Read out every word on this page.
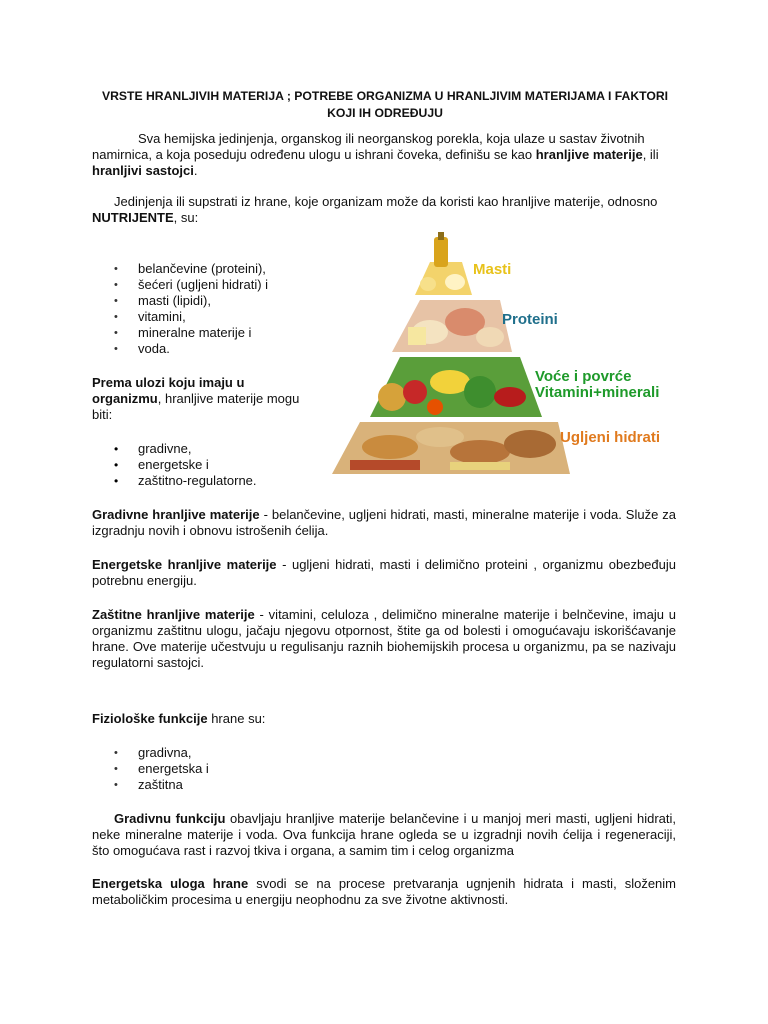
VRSTE HRANLJIVIH MATERIJA ; POTREBE ORGANIZMA U HRANLJIVIM MATERIJAMA I FAKTORI KOJI IH ODREĐUJU
Sva hemijska jedinjenja, organskog ili neorganskog porekla, koja ulaze u sastav životnih namirnica, a koja poseduju određenu ulogu u ishrani čoveka, definišu se kao hranljive materije, ili hranljivi sastojci.
Jedinjenja ili supstrati iz hrane, koje organizam može da koristi kao hranljive materije, odnosno NUTRIJENTE, su:
• belančevine (proteini),
• šećeri (ugljeni hidrati) i
• masti (lipidi),
• vitamini,
• mineralne materije i
• voda.
Prema ulozi koju imaju u organizmu, hranljive materije mogu biti:
• gradivne,
• energetske i
• zaštitno-regulatorne.
Masti
Proteini
Voće i povrće
Vitamini+minerali
Ugljeni hidrati
Gradivne hranljive materije - belančevine, ugljeni hidrati, masti, mineralne materije i voda. Služe za izgradnju novih i obnovu istrošenih ćelija.
Energetske hranljive materije - ugljeni hidrati, masti i delimično proteini , organizmu obezbeđuju potrebnu energiju.
Zaštitne hranljive materije - vitamini, celuloza , delimično mineralne materije i belnčevine, imaju u organizmu zaštitnu ulogu, jačaju njegovu otpornost, štite ga od bolesti i omogućavaju iskorišćavanje hrane. Ove materije učestvuju u regulisanju raznih biohemijskih procesa u organizmu, pa se nazivaju regulatorni sastojci.
Fiziološke funkcije hrane su:
• gradivna,
• energetska i
• zaštitna
Gradivnu funkciju obavljaju hranljive materije belančevine i u manjoj meri masti, ugljeni hidrati, neke mineralne materije i voda. Ova funkcija hrane ogleda se u izgradnji novih ćelija i regeneraciji, što omogućava rast i razvoj tkiva i organa, a samim tim i celog organizma
Energetska uloga hrane svodi se na procese pretvaranja ugnjenih hidrata i masti, složenim metaboličkim procesima u energiju neophodnu za sve životne aktivnosti.
